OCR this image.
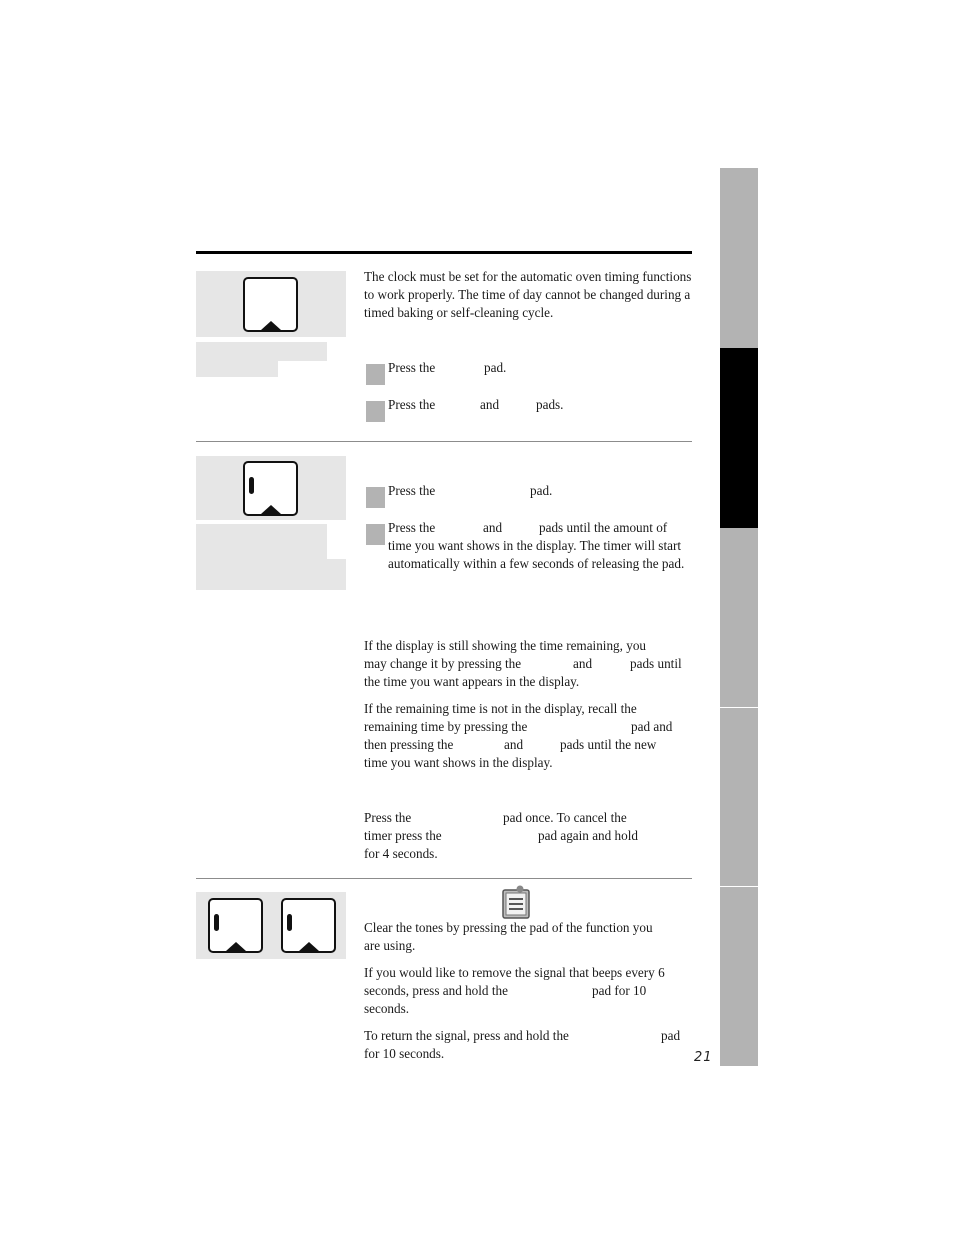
The clock must be set for the automatic oven timing functions to work properly. The time of day cannot be changed during a timed baking or self-cleaning cycle.

Press the	pad.
Press the	and	pads.
Press the	pad.
Press the	and	pads until the amount of

time you want shows in the display. The timer will start automatically within a few seconds of releasing the pad.

If the display is still showing the time remaining, you
may change it by pressing the	and	pads until
the time you want appears in the display.
If the remaining time is not in the display, recall the
remaining time by pressing the	pad and
then pressing the	and	pads until the new
time you want shows in the display.
Press the	pad once. To cancel the
timer press the	pad again and hold
for 4 seconds.
Clear the tones by pressing the pad of the function you
are using.
If you would like to remove the signal that beeps every 6
seconds, press and hold the	pad for 10
seconds.
To return the signal, press and hold the	pad
for 10 seconds.	21
